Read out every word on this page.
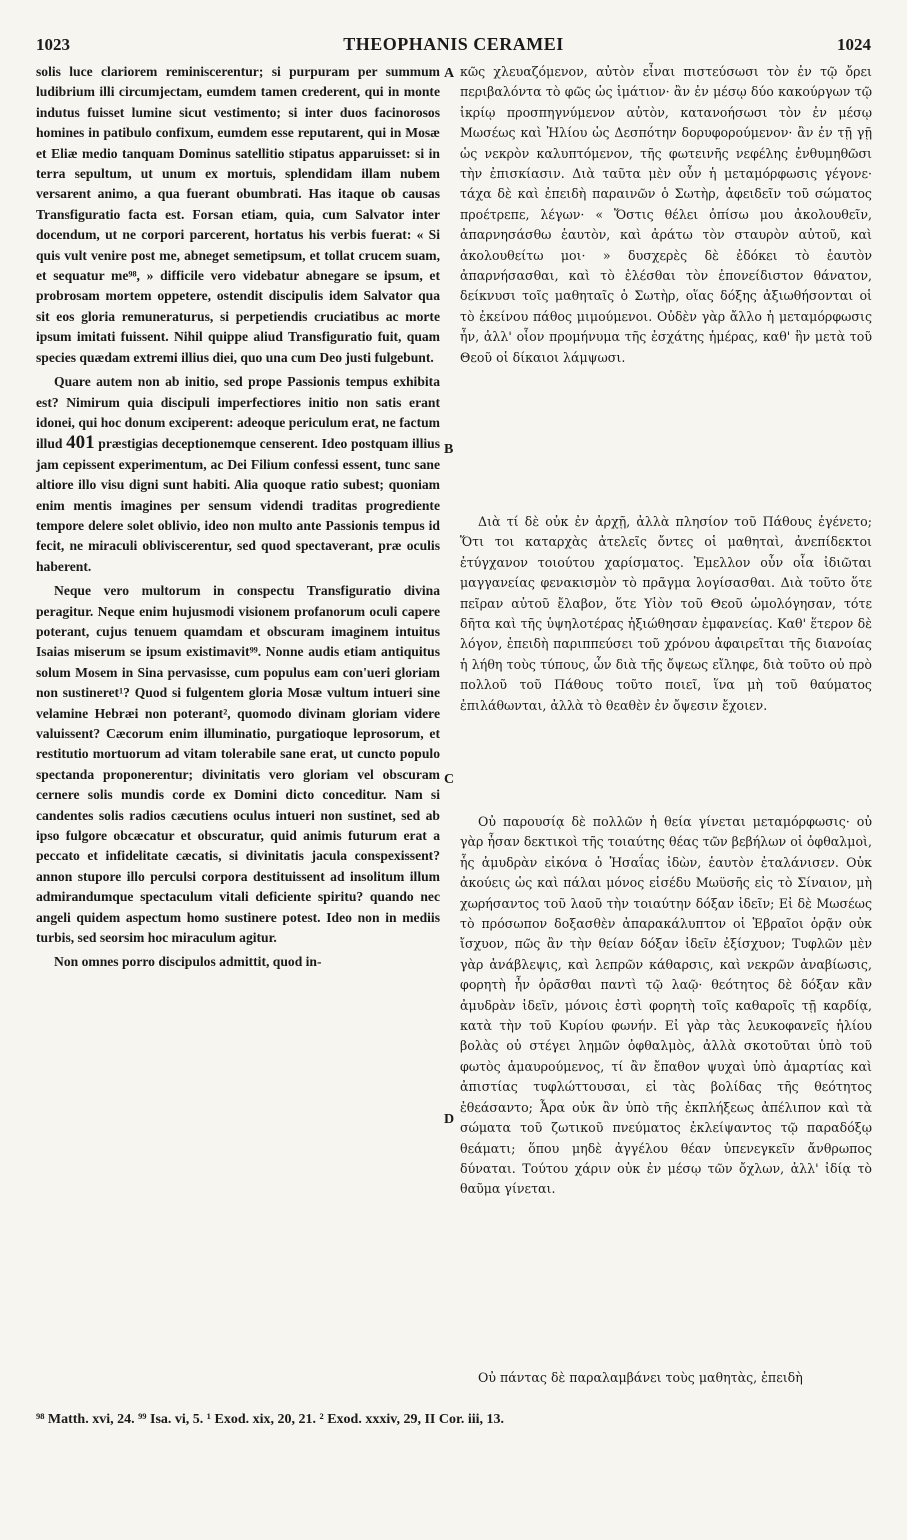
1023	THEOPHANIS CERAMEI	1024

solis luce clariorem reminiscerentur; si purpuram per summum ludibrium illi circumjectam, eumdem tamen crederent, qui in monte indutus fuisset lumine sicut vestimento; si inter duos facinorosos homines in patibulo confixum, eumdem esse reputarent, qui in Mosæ et Eliæ medio tanquam Dominus satellitio stipatus apparuisset: si in terra sepultum, ut unum ex mortuis, splendidam illam nubem versarent animo, a qua fuerant obumbrati. Has itaque ob causas Transfiguratio facta est. Forsan etiam, quia, cum Salvator inter docendum, ut ne corpori parcerent, hortatus his verbis fuerat: « Si quis vult venire post me, abneget semetipsum, et tollat crucem suam, et sequatur me⁹⁸, » difficile vero videbatur abnegare se ipsum, et probrosam mortem oppetere, ostendit discipulis idem Salvator qua sit eos gloria remuneraturus, si perpetiendis cruciatibus ac morte ipsum imitati fuissent. Nihil quippe aliud Transfiguratio fuit, quam species quædam extremi illius diei, quo una cum Deo justi fulgebunt.

Quare autem non ab initio, sed prope Passionis tempus exhibita est? Nimirum quia discipuli imperfectiores initio non satis erant idonei, qui hoc donum exciperent: adeoque periculum erat, ne factum illud 401 præstigias deceptionemque censerent. Ideo postquam illius jam cepissent experimentum, ac Dei Filium confessi essent, tunc sane altiore illo visu digni sunt habiti. Alia quoque ratio subest; quoniam enim mentis imagines per sensum videndi traditas progrediente tempore delere solet oblivio, ideo non multo ante Passionis tempus id fecit, ne miraculi obliviscerentur, sed quod spectaverant, præ oculis haberent.

Neque vero multorum in conspectu Transfiguratio divina peragitur. Neque enim hujusmodi visionem profanorum oculi capere poterant, cujus tenuem quamdam et obscuram imaginem intuitus Isaias miserum se ipsum existimavit⁹⁹. Nonne audis etiam antiquitus solum Mosem in Sina pervasisse, cum populus eam con'ueri gloriam non sustineret¹? Quod si fulgentem gloria Mosæ vultum intueri sine velamine Hebræi non poterant², quomodo divinam gloriam videre valuissent? Cæcorum enim illuminatio, purgatioque leprosorum, et restitutio mortuorum ad vitam tolerabile sane erat, ut cuncto populo spectanda proponerentur; divinitatis vero gloriam vel obscuram cernere solis mundis corde ex Domini dicto conceditur. Nam si candentes solis radios cæcutiens oculus intueri non sustinet, sed ab ipso fulgore obcæcatur et obscuratur, quid animis futurum erat a peccato et infidelitate cæcatis, si divinitatis jacula conspexissent? annon stupore illo perculsi corpora destituissent ad insolitum illum admirandumque spectaculum vitali deficiente spiritu? quando nec angeli quidem aspectum homo sustinere potest. Ideo non in mediis turbis, sed seorsim hoc miraculum agitur.

Non omnes porro discipulos admittit, quod in-

κῶς χλευαζόμενον, αὐτὸν εἶναι πιστεύσωσι τὸν ἐν τῷ ὄρει περιβαλόντα τὸ φῶς ὡς ἱμάτιον· ἂν ἐν μέσῳ δύο κακούργων τῷ ἰκρίῳ προσπηγνύμενον αὐτὸν, κατανοήσωσι τὸν ἐν μέσῳ Μωσέως καὶ Ἠλίου ὡς Δεσπότην δορυφορούμενον· ἂν ἐν τῇ γῇ ὡς νεκρὸν καλυπτόμενον, τῆς φωτεινῆς νεφέλης ἐνθυμηθῶσι τὴν ἐπισκίασιν. Διὰ ταῦτα μὲν οὖν ἡ μεταμόρφωσις γέγονε· τάχα δὲ καὶ ἐπειδὴ παραινῶν ὁ Σωτὴρ, ἀφειδεῖν τοῦ σώματος προέτρεπε, λέγων· « Ὅστις θέλει ὀπίσω μου ἀκολουθεῖν, ἀπαρνησάσθω ἑαυτὸν, καὶ ἀράτω τὸν σταυρὸν αὐτοῦ, καὶ ἀκολουθείτω μοι· » δυσχερὲς δὲ ἐδόκει τὸ ἑαυτὸν ἀπαρνήσασθαι, καὶ τὸ ἑλέσθαι τὸν ἐπονείδιστον θάνατον, δείκνυσι τοῖς μαθηταῖς ὁ Σωτὴρ, οἵας δόξης ἀξιωθήσονται οἱ τὸ ἐκείνου πάθος μιμούμενοι. Οὐδὲν γὰρ ἄλλο ἡ μεταμόρφωσις ἦν, ἀλλ' οἷον προμήνυμα τῆς ἐσχάτης ἡμέρας, καθ' ἣν μετὰ τοῦ Θεοῦ οἱ δίκαιοι λάμψωσι.

Διὰ τί δὲ οὐκ ἐν ἀρχῇ, ἀλλὰ πλησίον τοῦ Πάθους ἐγένετο; Ὅτι τοι καταρχὰς ἀτελεῖς ὄντες οἱ μαθηταὶ, ἀνεπίδεκτοι ἐτύγχανον τοιούτου χαρίσματος. Ἐμελλον οὖν οἷα ἰδιῶται μαγγανείας φενακισμὸν τὸ πρᾶγμα λογίσασθαι. Διὰ τοῦτο ὅτε πεῖραν αὐτοῦ ἔλαβον, ὅτε Υἱὸν τοῦ Θεοῦ ὡμολόγησαν, τότε δῆτα καὶ τῆς ὑψηλοτέρας ἠξιώθησαν ἐμφανείας. Καθ' ἕτερον δὲ λόγον, ἐπειδὴ παριππεύσει τοῦ χρόνου ἀφαιρεῖται τῆς διανοίας ἡ λήθη τοὺς τύπους, ὧν διὰ τῆς ὄψεως εἴληφε, διὰ τοῦτο οὐ πρὸ πολλοῦ τοῦ Πάθους τοῦτο ποιεῖ, ἵνα μὴ τοῦ θαύματος ἐπιλάθωνται, ἀλλὰ τὸ θεαθὲν ἐν ὄψεσιν ἔχοιεν.

Οὐ παρουσίᾳ δὲ πολλῶν ἡ θεία γίνεται μεταμόρφωσις· οὐ γὰρ ἦσαν δεκτικοὶ τῆς τοιαύτης θέας τῶν βεβήλων οἱ ὀφθαλμοὶ, ἧς ἀμυδρὰν εἰκόνα ὁ Ἡσαΐας ἰδὼν, ἑαυτὸν ἐταλάνισεν. Οὐκ ἀκούεις ὡς καὶ πάλαι μόνος εἰσέδυ Μωϋσῆς εἰς τὸ Σίναιον, μὴ χωρήσαντος τοῦ λαοῦ τὴν τοιαύτην δόξαν ἰδεῖν; Εἰ δὲ Μωσέως τὸ πρόσωπον δοξασθὲν ἀπαρακάλυπτον οἱ Ἑβραῖοι ὁρᾷν οὐκ ἴσχυον, πῶς ἂν τὴν θείαν δόξαν ἰδεῖν ἐξίσχυον; Τυφλῶν μὲν γὰρ ἀνάβλεψις, καὶ λεπρῶν κάθαρσις, καὶ νεκρῶν ἀναβίωσις, φορητὴ ἦν ὁρᾶσθαι παντὶ τῷ λαῷ· θεότητος δὲ δόξαν κἂν ἀμυδρὰν ἰδεῖν, μόνοις ἐστὶ φορητὴ τοῖς καθαροῖς τῇ καρδίᾳ, κατὰ τὴν τοῦ Κυρίου φωνήν. Εἰ γὰρ τὰς λευκοφανεῖς ἡλίου βολὰς οὐ στέγει λημῶν ὀφθαλμὸς, ἀλλὰ σκοτοῦται ὑπὸ τοῦ φωτὸς ἀμαυρούμενος, τί ἂν ἔπαθον ψυχαὶ ὑπὸ ἁμαρτίας καὶ ἀπιστίας τυφλώττουσαι, εἰ τὰς βολίδας τῆς θεότητος ἐθεάσαντο; Ἆρα οὐκ ἂν ὑπὸ τῆς ἐκπλήξεως ἀπέλιπον καὶ τὰ σώματα τοῦ ζωτικοῦ πνεύματος ἐκλείψαντος τῷ παραδόξῳ θεάματι; ὅπου μηδὲ ἀγγέλου θέαν ὑπενεγκεῖν ἄνθρωπος δύναται. Τούτου χάριν οὐκ ἐν μέσῳ τῶν ὄχλων, ἀλλ' ἰδίᾳ τὸ θαῦμα γίνεται.

Οὐ πάντας δὲ παραλαμβάνει τοὺς μαθητὰς, ἐπειδὴ

A
B
C
D
⁹⁸ Matth. xvi, 24. ⁹⁹ Isa. vi, 5. ¹ Exod. xix, 20, 21. ² Exod. xxxiv, 29, II Cor. iii, 13.
